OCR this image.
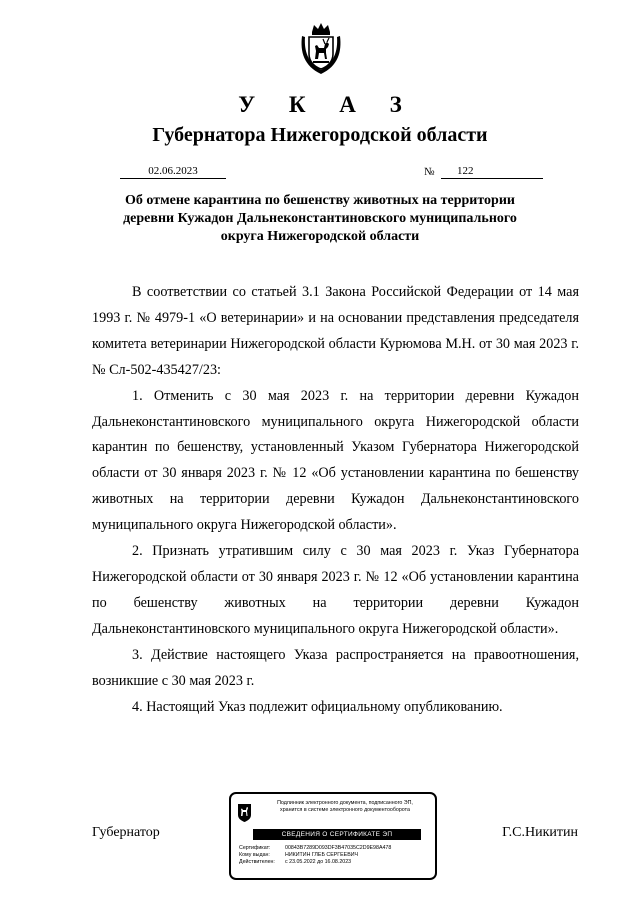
У К А З
Губернатора Нижегородской области
02.06.2023	№	122
Об отмене карантина по бешенству животных на территории деревни Кужадон Дальнеконстантиновского муниципального округа Нижегородской области

В соответствии со статьей 3.1 Закона Российской Федерации от 14 мая 1993 г. № 4979-1 «О ветеринарии» и на основании представления председателя комитета ветеринарии Нижегородской области Курюмова М.Н. от 30 мая 2023 г. № Сл-502-435427/23:

1. Отменить с 30 мая 2023 г. на территории деревни Кужадон Дальнеконстантиновского муниципального округа Нижегородской области карантин по бешенству, установленный Указом Губернатора Нижегородской области от 30 января 2023 г. № 12 «Об установлении карантина по бешенству животных на территории деревни Кужадон Дальнеконстантиновского муниципального округа Нижегородской области».

2. Признать утратившим силу с 30 мая 2023 г. Указ Губернатора Нижегородской области от 30 января 2023 г. № 12 «Об установлении карантина по бешенству животных на территории деревни Кужадон Дальнеконстантиновского муниципального округа Нижегородской области».

3. Действие настоящего Указа распространяется на правоотношения, возникшие с 30 мая 2023 г.

4. Настоящий Указ подлежит официальному опубликованию.

Губернатор	Г.С.Никитин
Подлинник электронного документа, подписанного ЭП,
хранится в системе электронного документооборота
СВЕДЕНИЯ О СЕРТИФИКАТЕ ЭП
Сертификат:	00843B7289D093DF3B47035C2D9E98A478
Кому выдан:	НИКИТИН ГЛЕБ СЕРГЕЕВИЧ
Действителен: с 23.05.2022 до 16.08.2023
